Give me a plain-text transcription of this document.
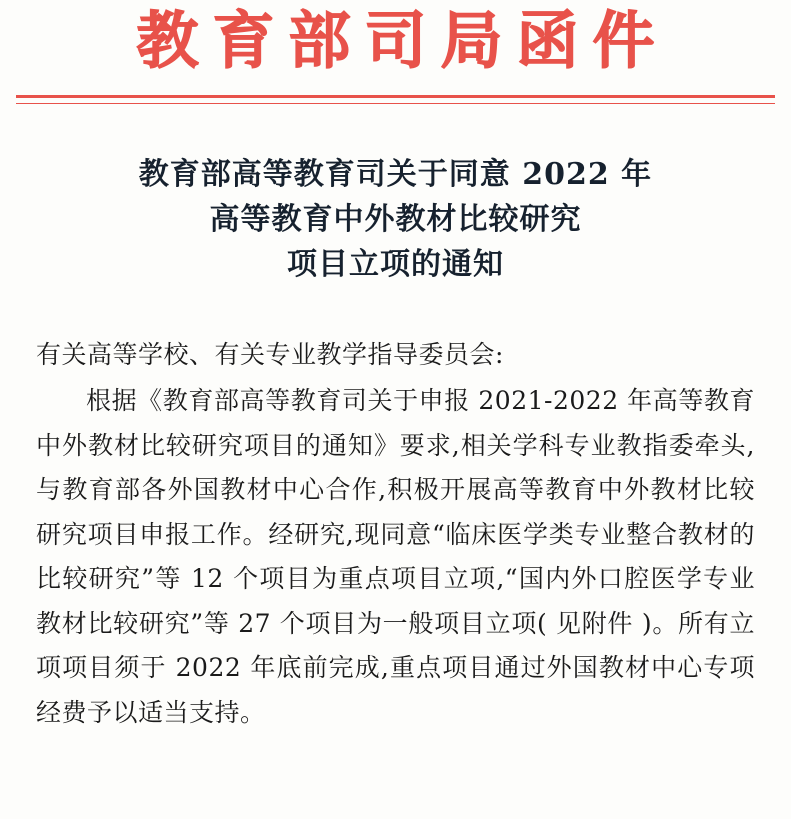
教育部司局函件
教育部高等教育司关于同意 2022 年
高等教育中外教材比较研究
项目立项的通知

有关高等学校、有关专业教学指导委员会:

根据《教育部高等教育司关于申报 2021-2022 年高等教育中外教材比较研究项目的通知》要求,相关学科专业教指委牵头,与教育部各外国教材中心合作,积极开展高等教育中外教材比较研究项目申报工作。经研究,现同意“临床医学类专业整合教材的比较研究”等 12 个项目为重点项目立项,“国内外口腔医学专业教材比较研究”等 27 个项目为一般项目立项( 见附件 )。所有立项项目须于 2022 年底前完成,重点项目通过外国教材中心专项经费予以适当支持。
